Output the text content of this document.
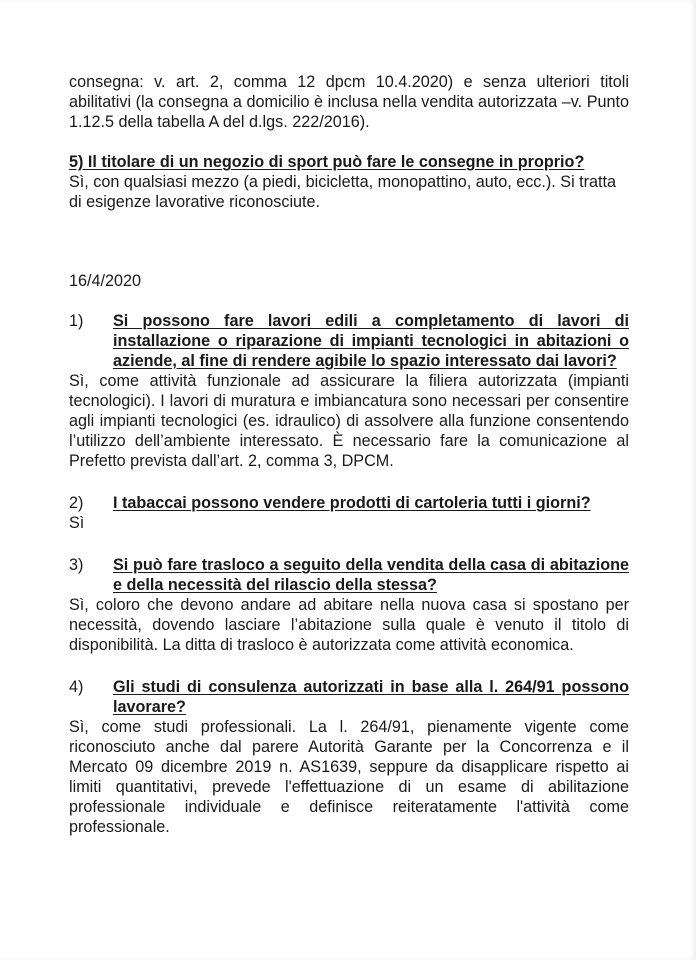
consegna: v. art. 2, comma 12 dpcm 10.4.2020) e senza ulteriori titoli abilitativi (la consegna a domicilio è inclusa nella vendita autorizzata –v. Punto 1.12.5 della tabella A del d.lgs. 222/2016).

5) Il titolare di un negozio di sport può fare le consegne in proprio?

Sì, con qualsiasi mezzo (a piedi, bicicletta, monopattino, auto, ecc.). Si tratta di esigenze lavorative riconosciute.

16/4/2020

1)	Si possono fare lavori edili a completamento di lavori di installazione o riparazione di impianti tecnologici in abitazioni o aziende, al fine di rendere agibile lo spazio interessato dai lavori?

Sì, come attività funzionale ad assicurare la filiera autorizzata (impianti tecnologici). I lavori di muratura e imbiancatura sono necessari per consentire agli impianti tecnologici (es. idraulico) di assolvere alla funzione consentendo l’utilizzo dell’ambiente interessato. È necessario fare la comunicazione al Prefetto prevista dall’art. 2, comma 3, DPCM.

2)	I tabaccai possono vendere prodotti di cartoleria tutti i giorni?

Sì

3)	Si può fare trasloco a seguito della vendita della casa di abitazione e della necessità del rilascio della stessa?

Sì, coloro che devono andare ad abitare nella nuova casa si spostano per necessità, dovendo lasciare l’abitazione sulla quale è venuto il titolo di disponibilità. La ditta di trasloco è autorizzata come attività economica.

4)	Gli studi di consulenza autorizzati in base alla l. 264/91 possono lavorare?

Sì, come studi professionali. La l. 264/91, pienamente vigente come riconosciuto anche dal parere Autorità Garante per la Concorrenza e il Mercato 09 dicembre 2019 n. AS1639, seppure da disapplicare rispetto ai limiti quantitativi, prevede l'effettuazione di un esame di abilitazione professionale individuale e definisce reiteratamente l'attività come professionale.
